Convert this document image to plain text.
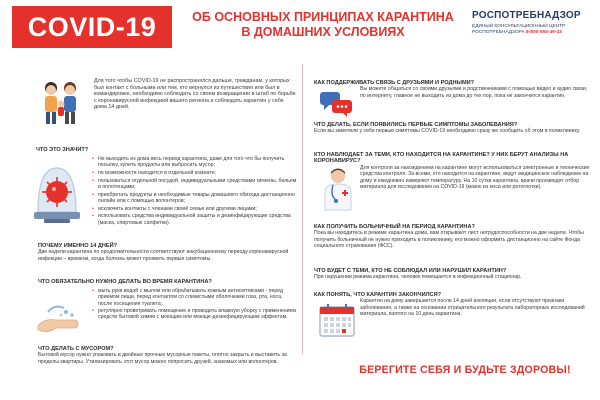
COVID-19	ОБ ОСНОВНЫХ ПРИНЦИПАХ КАРАНТИНА
В ДОМАШНИХ УСЛОВИЯХ
РОСПОТРЕБНАДЗОР
ЕДИНЫЙ КОНСУЛЬТАЦИОННЫЙ ЦЕНТР
РОСПОТРЕБНАДЗОРА 8-800-555-49-43
Для того чтобы COVID-19 не распространялся дальше, гражданам, у которых был контакт с больными или тем, кто вернулся из путешествия или был в командировке, необходимо соблюдать со своем возвращении в штаб по борьбе с коронавирусной инфекцией вашего региона и соблюдать карантин у себя дома 14 дней.
ЧТО ЭТО ЗНАЧИТ?
• Не выходить из дома весь период карантина, даже для того что бы получить посылку, купить продукты или выбросить мусор;
• по возможности находится в отдельной комнате;
• пользоваться отдельной посудой, индивидуальными средствами гигиены, бельем и полотенцами;
• приобретать продукты и необходимые товары домашнего обихода дистанционно онлайн или с помощью волонтеров;
• исключить контакты с членами своей семьи или другими лицами;
• использовать средства индивидуальной защиты и дезинфицирующие средства (маска, спиртовые салфетки).
ПОЧЕМУ ИМЕННО 14 ДНЕЙ?
Две недели карантина по продолжительности соответствуют инкубационному периоду коронавирусной инфекции – времени, когда болезнь может проявить первые симптомы.
ЧТО ОБЯЗАТЕЛЬНО НУЖНО ДЕЛАТЬ ВО ВРЕМЯ КАРАНТИНА?
• мыть руки водой с мылом или обрабатывать кожным антисептиками - перед приемом пищи, перед контактом со слизистыми оболочками глаз, рта, носа, после посещения туалета;
• регулярно проветривать помещение и проводить влажную уборку с применением средств бытовой химии с моющим или моюще-дезинфицирующим эффектом.
ЧТО ДЕЛАТЬ С МУСОРОМ?
Бытовой мусор нужно упаковать в двойные прочные мусорные пакеты, плотно закрыть и выставить за пределы квартиры. Утилизировать этот мусор можно попросить друзей, знакомых или волонтеров.
КАК ПОДДЕРЖИВАТЬ СВЯЗЬ С ДРУЗЬЯМИ И РОДНЫМИ?
Вы можете общаться со своими друзьями и родственниками с помощью видео и аудио связи, по интернету, главное не выходить из дома до тех пор, пока не закончится карантин.
ЧТО ДЕЛАТЬ, ЕСЛИ ПОЯВИЛИСЬ ПЕРВЫЕ СИМПТОМЫ ЗАБОЛЕВАНИЯ?
Если вы заметили у себя первые симптомы COVID-19 необходимо сразу же сообщить об этом в поликлинику.
КТО НАБЛЮДАЕТ ЗА ТЕМИ, КТО НАХОДИТСЯ НА КАРАНТИНЕ? У НИХ БЕРУТ АНАЛИЗЫ НА КОРОНАВИРУС?
Для контроля за нахождением на карантине могут использоваться электронные и технические средства контроля. За всеми, кто находится на карантине, ведут медицинское наблюдение на дому и ежедневно измеряют температуру. На 10 сутки карантина, врачи производят отбор материала для исследования на COVID-19 (мазок из носа или ротоглотки).
КАК ПОЛУЧИТЬ БОЛЬНИЧНЫЙ НА ПЕРИОД КАРАНТИНА?
Пока вы находитесь в режиме карантина дома, вам открывают лист нетрудоспособности на две недели. Чтобы получить больничный не нужно приходить в поликлинику, его можно оформить дистанционно на сайте Фонда социального страхования (ФСС).
ЧТО БУДЕТ С ТЕМИ, КТО НЕ СОБЛЮДАЛ ИЛИ НАРУШИЛ КАРАНТИН?
При нарушении режима карантина, человек помещается в инфекционный стационар.
КАК ПОНЯТЬ, ЧТО КАРАНТИН ЗАКОНЧИЛСЯ?
Карантин на дому завершается после 14 дней изоляции, если отсутствуют признаки заболевания, а также на основании отрицательного результата лабораторных исследований материала, взятого на 10 день карантина.
БЕРЕГИТЕ СЕБЯ И БУДЬТЕ ЗДОРОВЫ!
